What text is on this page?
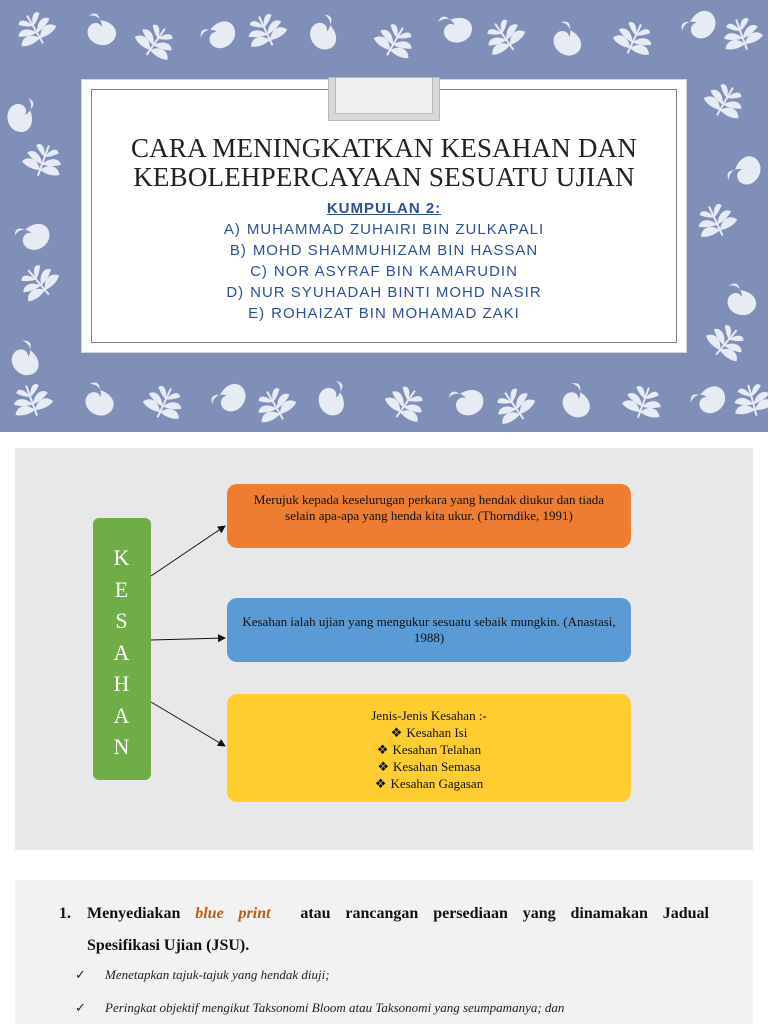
CARA MENINGKATKAN KESAHAN DAN
KEBOLEHPERCAYAAN SESUATU UJIAN
KUMPULAN 2:
A) MUHAMMAD ZUHAIRI BIN ZULKAPALI
B) MOHD SHAMMUHIZAM BIN HASSAN
C) NOR ASYRAF BIN KAMARUDIN
D) NUR SYUHADAH BINTI MOHD NASIR
E) ROHAIZAT BIN MOHAMAD ZAKI
K
E
S
A
H
A
N
Merujuk kepada keselurugan perkara yang hendak diukur dan tiada selain apa-apa yang henda kita ukur. (Thorndike, 1991)
Kesahan ialah ujian yang mengukur sesuatu sebaik mungkin. (Anastasi, 1988)
Jenis-Jenis Kesahan :-
❖ Kesahan Isi
❖ Kesahan Telahan
❖ Kesahan Semasa
❖ Kesahan Gagasan
1. Menyediakan blue print atau rancangan persediaan yang dinamakan Jadual
Spesifikasi Ujian (JSU).
✓ Menetapkan tajuk-tajuk yang hendak diuji;
✓ Peringkat objektif mengikut Taksonomi Bloom atau Taksonomi yang seumpamanya; dan
